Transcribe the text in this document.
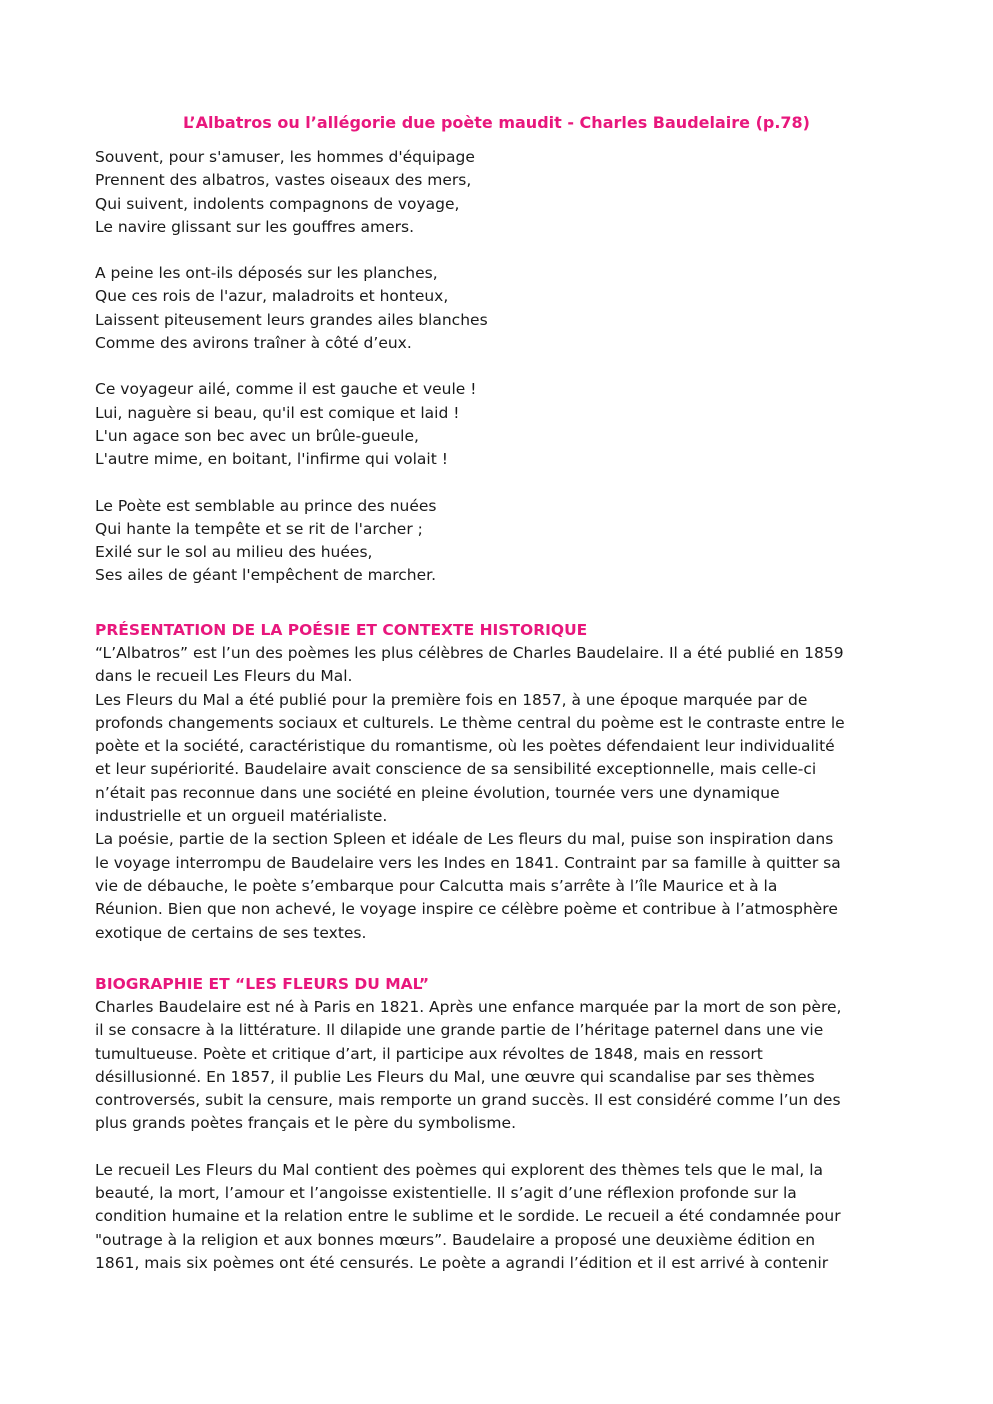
L’Albatros ou l’allégorie due poète maudit - Charles Baudelaire (p.78)
Souvent, pour s'amuser, les hommes d'équipage
Prennent des albatros, vastes oiseaux des mers,
Qui suivent, indolents compagnons de voyage,
Le navire glissant sur les gouffres amers.
A peine les ont-ils déposés sur les planches,
Que ces rois de l'azur, maladroits et honteux,
Laissent piteusement leurs grandes ailes blanches
Comme des avirons traîner à côté d’eux.
Ce voyageur ailé, comme il est gauche et veule !
Lui, naguère si beau, qu'il est comique et laid !
L'un agace son bec avec un brûle-gueule,
L'autre mime, en boitant, l'infirme qui volait !
Le Poète est semblable au prince des nuées
Qui hante la tempête et se rit de l'archer ;
Exilé sur le sol au milieu des huées,
Ses ailes de géant l'empêchent de marcher.
PRÉSENTATION DE LA POÉSIE ET CONTEXTE HISTORIQUE
“L’Albatros” est l’un des poèmes les plus célèbres de Charles Baudelaire. Il a été publié en 1859
dans le recueil Les Fleurs du Mal.
Les Fleurs du Mal a été publié pour la première fois en 1857, à une époque marquée par de
profonds changements sociaux et culturels. Le thème central du poème est le contraste entre le
poète et la société, caractéristique du romantisme, où les poètes défendaient leur individualité
et leur supériorité. Baudelaire avait conscience de sa sensibilité exceptionnelle, mais celle-ci
n’était pas reconnue dans une société en pleine évolution, tournée vers une dynamique
industrielle et un orgueil matérialiste.
La poésie, partie de la section Spleen et idéale de Les fleurs du mal, puise son inspiration dans
le voyage interrompu de Baudelaire vers les Indes en 1841. Contraint par sa famille à quitter sa
vie de débauche, le poète s’embarque pour Calcutta mais s’arrête à l’île Maurice et à la
Réunion. Bien que non achevé, le voyage inspire ce célèbre poème et contribue à l’atmosphère
exotique de certains de ses textes.
BIOGRAPHIE ET “LES FLEURS DU MAL”
Charles Baudelaire est né à Paris en 1821. Après une enfance marquée par la mort de son père,
il se consacre à la littérature. Il dilapide une grande partie de l’héritage paternel dans une vie
tumultueuse. Poète et critique d’art, il participe aux révoltes de 1848, mais en ressort
désillusionné. En 1857, il publie Les Fleurs du Mal, une œuvre qui scandalise par ses thèmes
controversés, subit la censure, mais remporte un grand succès. Il est considéré comme l’un des
plus grands poètes français et le père du symbolisme.
Le recueil Les Fleurs du Mal contient des poèmes qui explorent des thèmes tels que le mal, la
beauté, la mort, l’amour et l’angoisse existentielle. Il s’agit d’une réflexion profonde sur la
condition humaine et la relation entre le sublime et le sordide. Le recueil a été condamnée pour
"outrage à la religion et aux bonnes mœurs”. Baudelaire a proposé une deuxième édition en
1861, mais six poèmes ont été censurés. Le poète a agrandi l’édition et il est arrivé à contenir
